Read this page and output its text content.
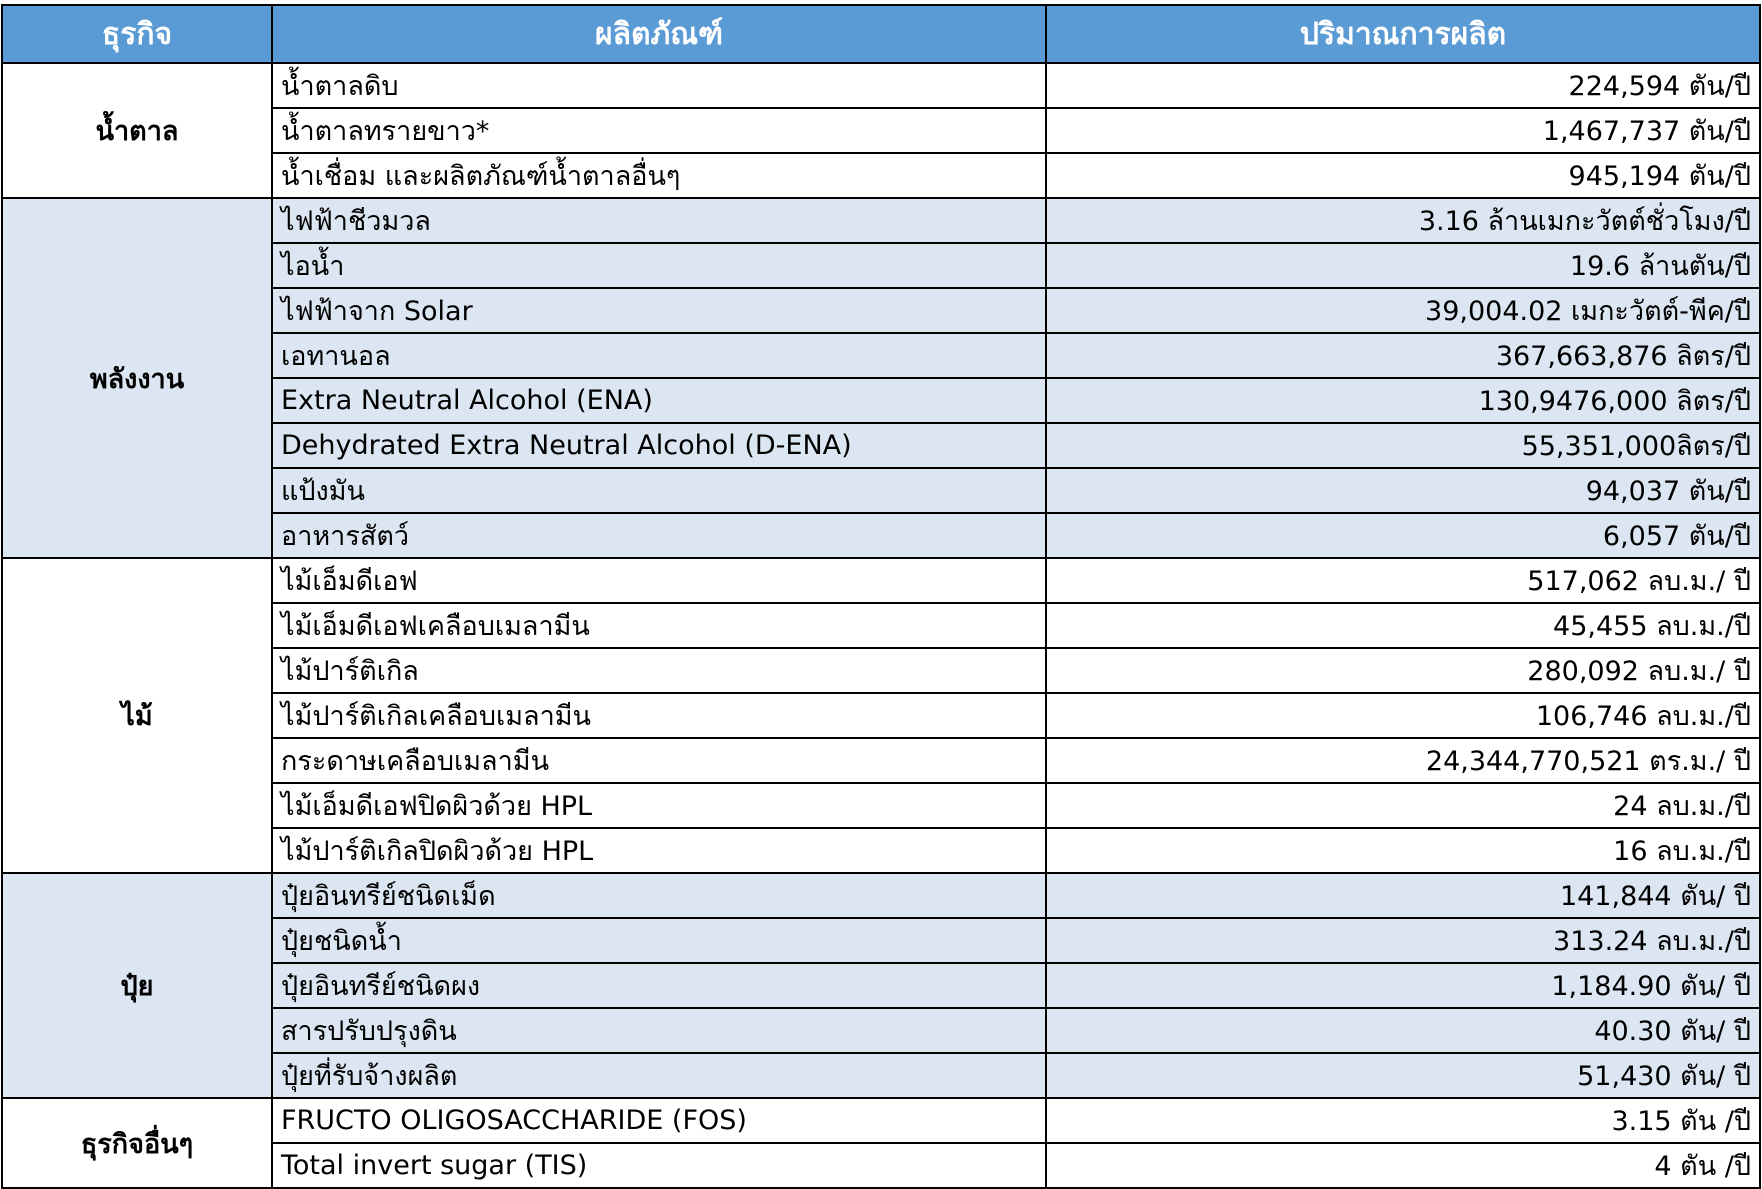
ธุรกิจ	ผลิตภัณฑ์	ปริมาณการผลิต
น้ำตาล	น้ำตาลดิบ	224,594 ตัน/ปี
	น้ำตาลทรายขาว*	1,467,737 ตัน/ปี
	น้ำเชื่อม และผลิตภัณฑ์น้ำตาลอื่นๆ	945,194 ตัน/ปี
พลังงาน	ไฟฟ้าชีวมวล	3.16 ล้านเมกะวัตต์ชั่วโมง/ปี
	ไอน้ำ	19.6 ล้านตัน/ปี
	ไฟฟ้าจาก Solar	39,004.02 เมกะวัตต์-พีค/ปี
	เอทานอล	367,663,876 ลิตร/ปี
	Extra Neutral Alcohol (ENA)	130,9476,000 ลิตร/ปี
	Dehydrated Extra Neutral Alcohol (D-ENA)	55,351,000ลิตร/ปี
	แป้งมัน	94,037 ตัน/ปี
	อาหารสัตว์	6,057 ตัน/ปี
ไม้	ไม้เอ็มดีเอฟ	517,062 ลบ.ม./ ปี
	ไม้เอ็มดีเอฟเคลือบเมลามีน	45,455 ลบ.ม./ปี
	ไม้ปาร์ติเกิล	280,092 ลบ.ม./ ปี
	ไม้ปาร์ติเกิลเคลือบเมลามีน	106,746 ลบ.ม./ปี
	กระดาษเคลือบเมลามีน	24,344,770,521 ตร.ม./ ปี
	ไม้เอ็มดีเอฟปิดผิวด้วย HPL	24 ลบ.ม./ปี
	ไม้ปาร์ติเกิลปิดผิวด้วย HPL	16 ลบ.ม./ปี
ปุ๋ย	ปุ๋ยอินทรีย์ชนิดเม็ด	141,844 ตัน/ ปี
	ปุ๋ยชนิดน้ำ	313.24 ลบ.ม./ปี
	ปุ๋ยอินทรีย์ชนิดผง	1,184.90 ตัน/ ปี
	สารปรับปรุงดิน	40.30 ตัน/ ปี
	ปุ๋ยที่รับจ้างผลิต	51,430 ตัน/ ปี
ธุรกิจอื่นๆ	FRUCTO OLIGOSACCHARIDE (FOS)	3.15 ตัน /ปี
	Total invert sugar (TIS)	4 ตัน /ปี
